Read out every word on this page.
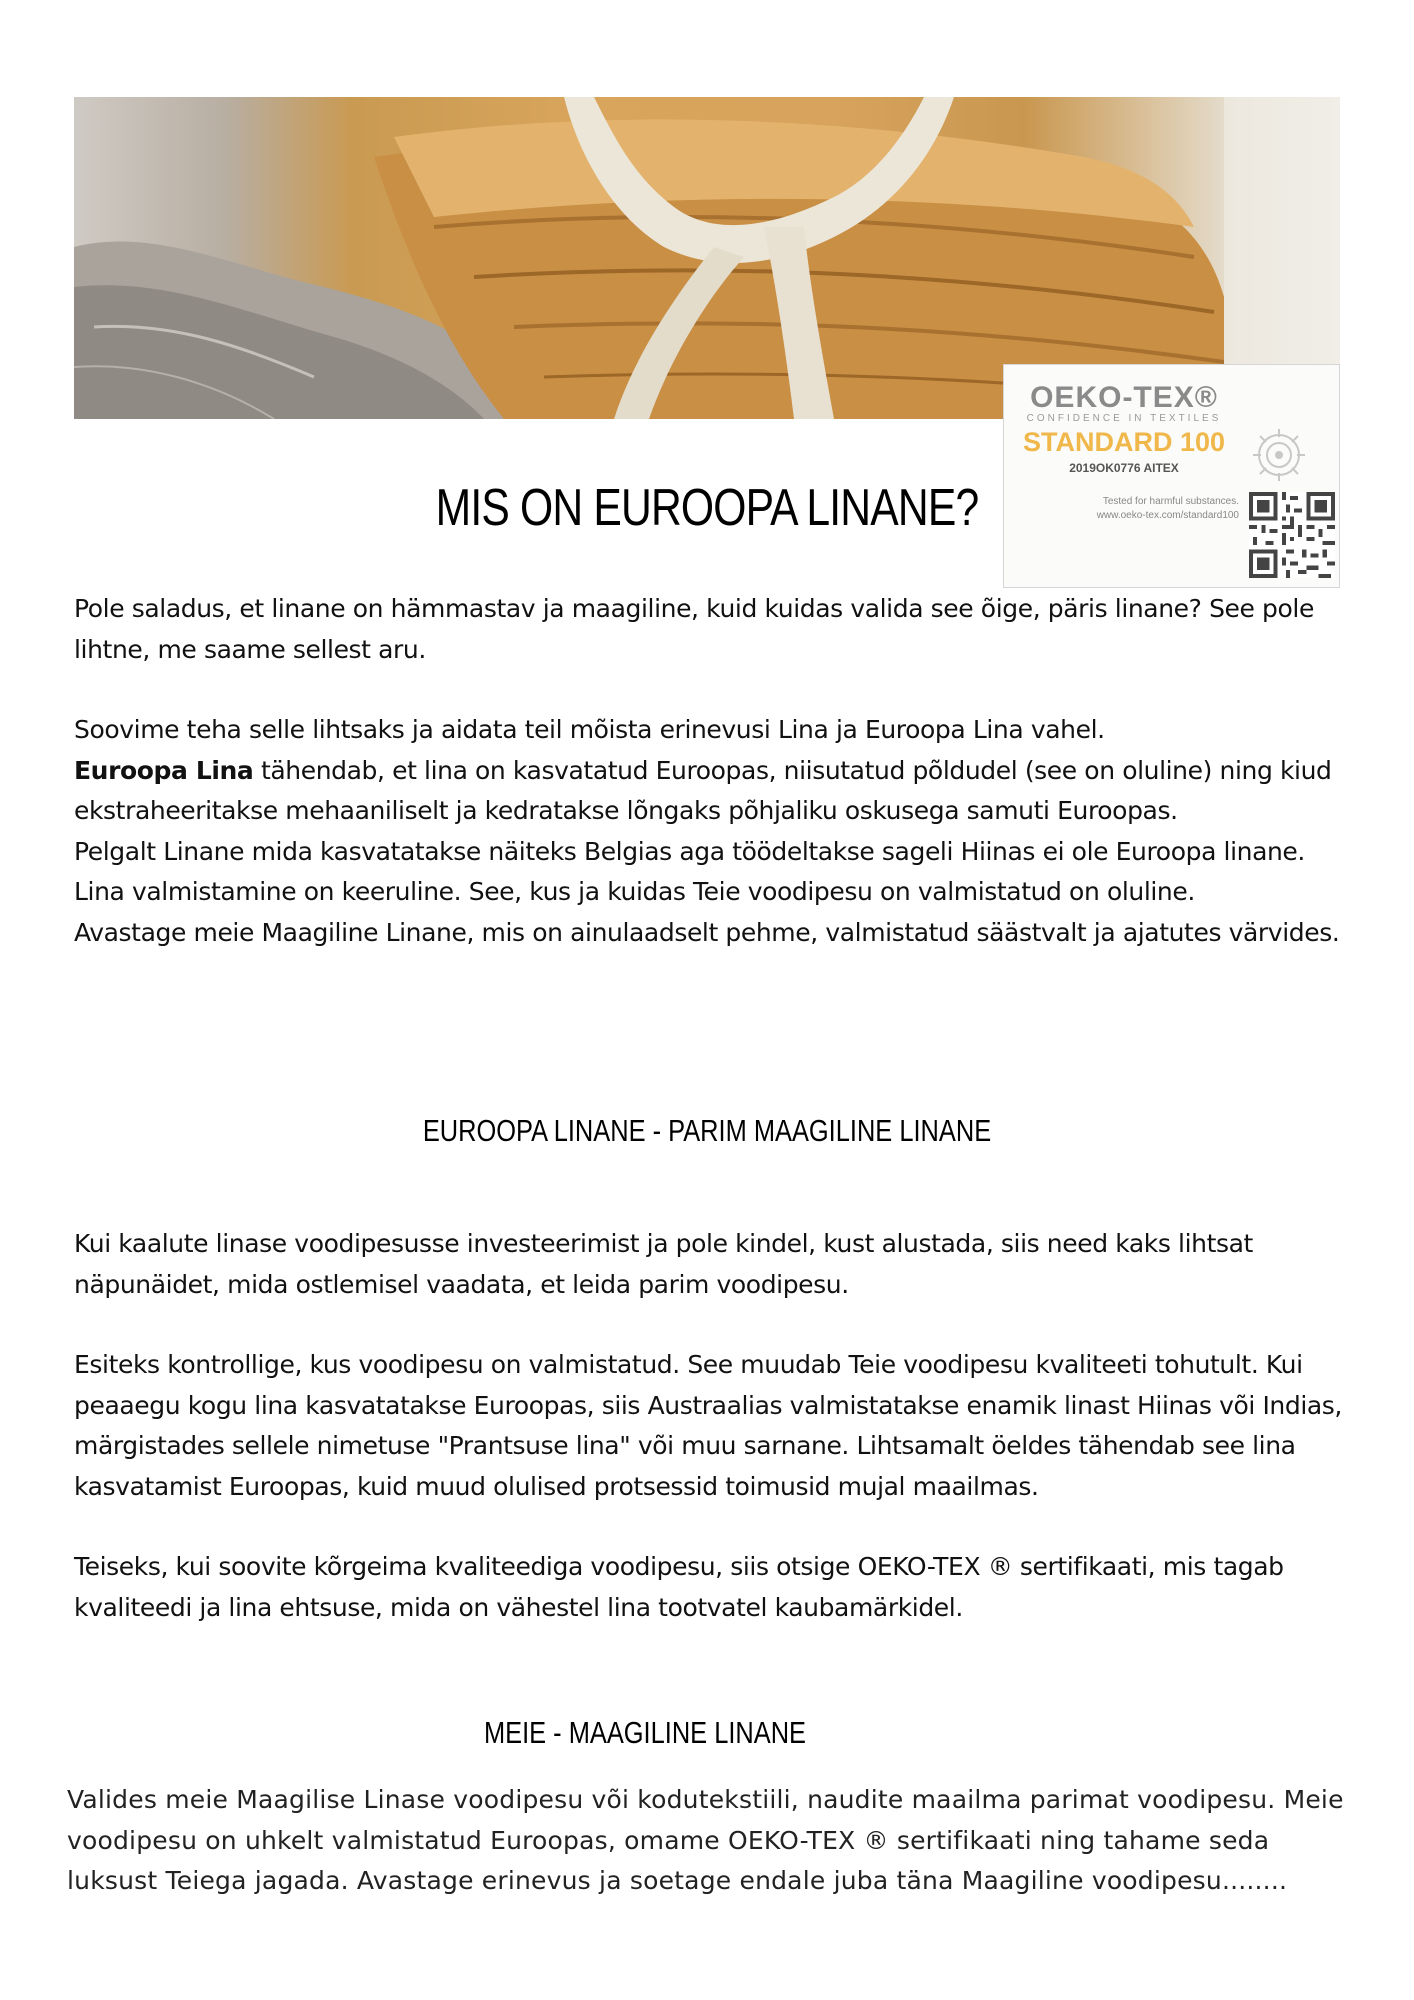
OEKO-TEX®
CONFIDENCE IN TEXTILES
STANDARD 100
2019OK0776 AITEX
Tested for harmful substances.
www.oeko-tex.com/standard100
MIS ON EUROOPA LINANE?

Pole saladus, et linane on hämmastav ja maagiline, kuid kuidas valida see õige, päris linane? See pole lihtne, me saame sellest aru.

Soovime teha selle lihtsaks ja aidata teil mõista erinevusi Lina ja Euroopa Lina vahel.

Euroopa Lina tähendab, et lina on kasvatatud Euroopas, niisutatud põldudel (see on oluline) ning kiud ekstraheeritakse mehaaniliselt ja kedratakse lõngaks põhjaliku oskusega samuti Euroopas.

Pelgalt Linane mida kasvatatakse näiteks Belgias aga töödeltakse sageli Hiinas ei ole Euroopa linane.

Lina valmistamine on keeruline. See, kus ja kuidas Teie voodipesu on valmistatud on oluline.

Avastage meie Maagiline Linane, mis on ainulaadselt pehme, valmistatud säästvalt ja ajatutes värvides.

EUROOPA LINANE - PARIM MAAGILINE LINANE

Kui kaalute linase voodipesusse investeerimist ja pole kindel, kust alustada, siis need kaks lihtsat näpunäidet, mida ostlemisel vaadata, et leida parim voodipesu.

Esiteks kontrollige, kus voodipesu on valmistatud. See muudab Teie voodipesu kvaliteeti tohutult. Kui peaaegu kogu lina kasvatatakse Euroopas, siis Austraalias valmistatakse enamik linast Hiinas või Indias, märgistades sellele nimetuse "Prantsuse lina" või muu sarnane. Lihtsamalt öeldes tähendab see lina kasvatamist Euroopas, kuid muud olulised protsessid toimusid mujal maailmas.

Teiseks, kui soovite kõrgeima kvaliteediga voodipesu, siis otsige OEKO-TEX ® sertifikaati, mis tagab kvaliteedi ja lina ehtsuse, mida on vähestel lina tootvatel kaubamärkidel.

MEIE - MAAGILINE LINANE
Valides meie Maagilise Linase voodipesu või kodutekstiili, naudite maailma parimat voodipesu. Meie voodipesu on uhkelt valmistatud Euroopas, omame OEKO-TEX ® sertifikaati ning tahame seda luksust Teiega jagada. Avastage erinevus ja soetage endale juba täna Maagiline voodipesu........
